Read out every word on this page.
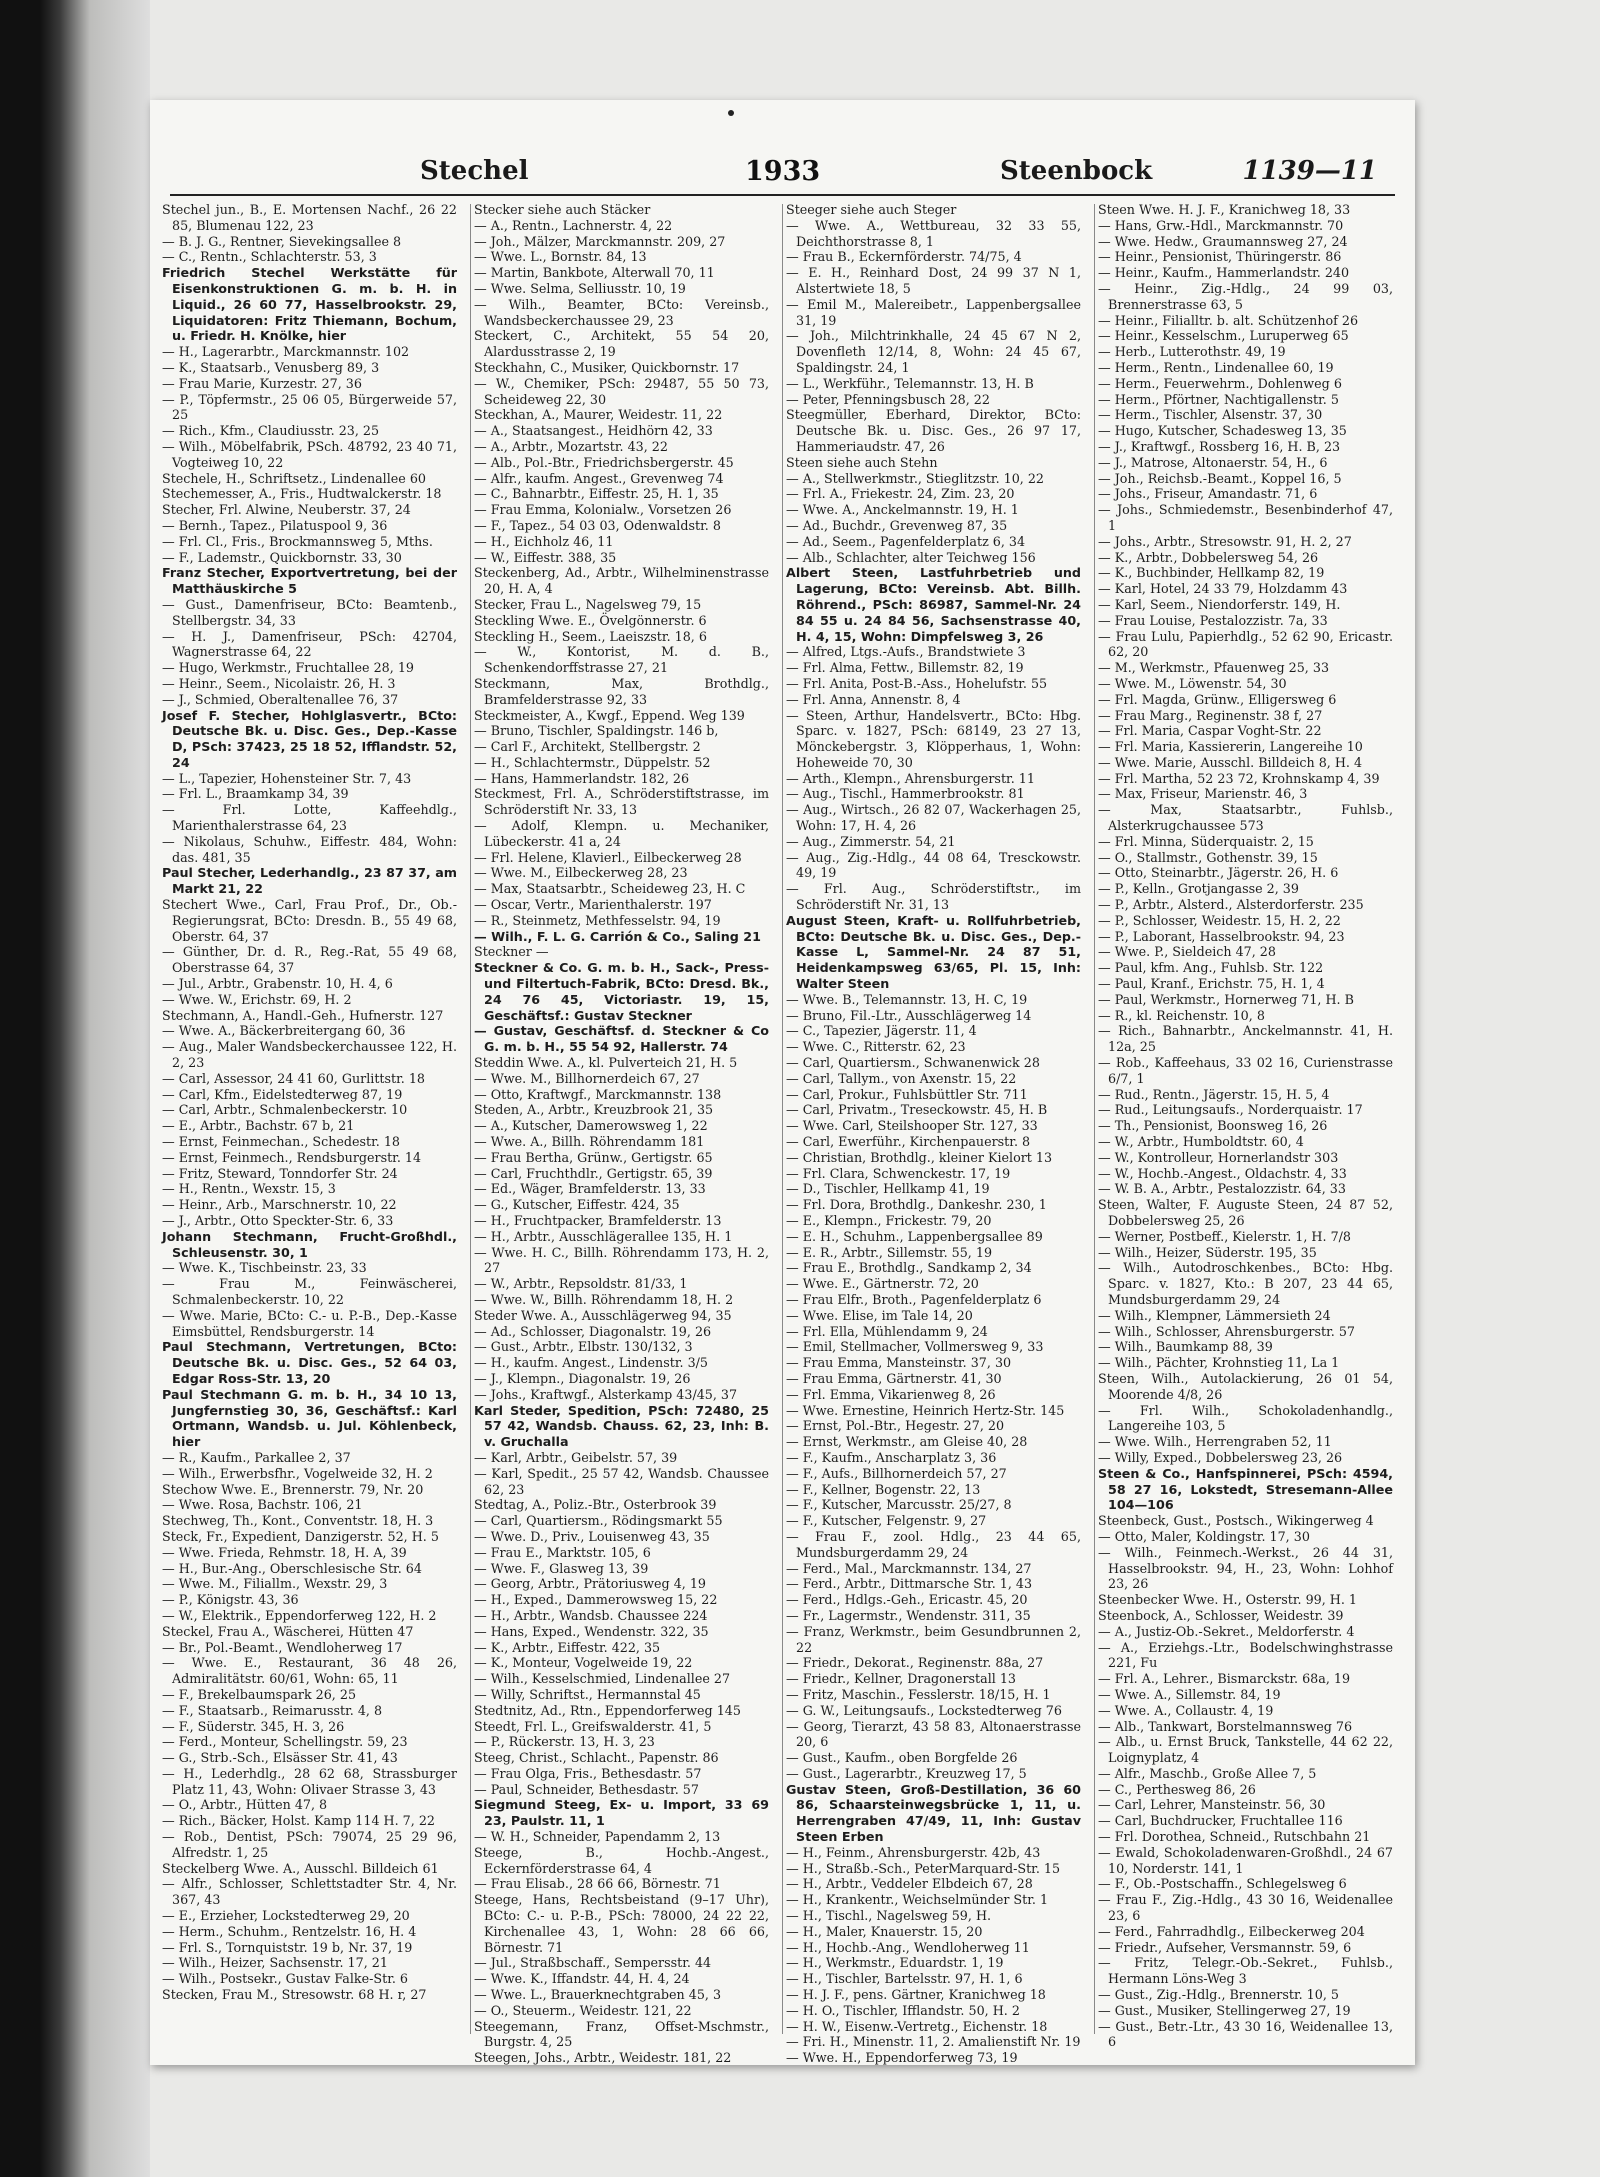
Stechel	1933	Steenbock	1139—11

Stechel jun., B., E. Mortensen Nachf., 26 22 85, Blumenau 122, 23

— B. J. G., Rentner, Sievekingsallee 8

— C., Rentn., Schlachterstr. 53, 3

Friedrich Stechel Werkstätte für Eisenkonstruktionen G. m. b. H. in Liquid., 26 60 77, Hasselbrookstr. 29, Liquidatoren: Fritz Thiemann, Bochum, u. Friedr. H. Knölke, hier

— H., Lagerarbtr., Marckmannstr. 102

— K., Staatsarb., Venusberg 89, 3

— Frau Marie, Kurzestr. 27, 36

— P., Töpfermstr., 25 06 05, Bürgerweide 57, 25

— Rich., Kfm., Claudiusstr. 23, 25

— Wilh., Möbelfabrik, PSch. 48792, 23 40 71, Vogteiweg 10, 22

Stechele, H., Schriftsetz., Lindenallee 60

Stechemesser, A., Fris., Hudtwalckerstr. 18

Stecher, Frl. Alwine, Neuberstr. 37, 24

— Bernh., Tapez., Pilatuspool 9, 36

— Frl. Cl., Fris., Brockmannsweg 5, Mths.

— F., Lademstr., Quickbornstr. 33, 30

Franz Stecher, Exportvertretung, bei der Matthäuskirche 5

— Gust., Damenfriseur, BCto: Beamtenb., Stellbergstr. 34, 33

— H. J., Damenfriseur, PSch: 42704, Wagnerstrasse 64, 22

— Hugo, Werkmstr., Fruchtallee 28, 19

— Heinr., Seem., Nicolaistr. 26, H. 3

— J., Schmied, Oberaltenallee 76, 37

Josef F. Stecher, Hohlglasvertr., BCto: Deutsche Bk. u. Disc. Ges., Dep.-Kasse D, PSch: 37423, 25 18 52, Ifflandstr. 52, 24

— L., Tapezier, Hohensteiner Str. 7, 43

— Frl. L., Braamkamp 34, 39

— Frl. Lotte, Kaffeehdlg., Marienthalerstrasse 64, 23

— Nikolaus, Schuhw., Eiffestr. 484, Wohn: das. 481, 35

Paul Stecher, Lederhandlg., 23 87 37, am Markt 21, 22

Stechert Wwe., Carl, Frau Prof., Dr., Ob.-Regierungsrat, BCto: Dresdn. B., 55 49 68, Oberstr. 64, 37

— Günther, Dr. d. R., Reg.-Rat, 55 49 68, Oberstrasse 64, 37

— Jul., Arbtr., Grabenstr. 10, H. 4, 6

— Wwe. W., Erichstr. 69, H. 2

Stechmann, A., Handl.-Geh., Hufnerstr. 127

— Wwe. A., Bäckerbreitergang 60, 36

— Aug., Maler Wandsbeckerchaussee 122, H. 2, 23

— Carl, Assessor, 24 41 60, Gurlittstr. 18

— Carl, Kfm., Eidelstedterweg 87, 19

— Carl, Arbtr., Schmalenbeckerstr. 10

— E., Arbtr., Bachstr. 67 b, 21

— Ernst, Feinmechan., Schedestr. 18

— Ernst, Feinmech., Rendsburgerstr. 14

— Fritz, Steward, Tonndorfer Str. 24

— H., Rentn., Wexstr. 15, 3

— Heinr., Arb., Marschnerstr. 10, 22

— J., Arbtr., Otto Speckter-Str. 6, 33

Johann Stechmann, Frucht-Großhdl., Schleusenstr. 30, 1

— Wwe. K., Tischbeinstr. 23, 33

— Frau M., Feinwäscherei, Schmalenbeckerstr. 10, 22

— Wwe. Marie, BCto: C.- u. P.-B., Dep.-Kasse Eimsbüttel, Rendsburgerstr. 14

Paul Stechmann, Vertretungen, BCto: Deutsche Bk. u. Disc. Ges., 52 64 03, Edgar Ross-Str. 13, 20

Paul Stechmann G. m. b. H., 34 10 13, Jungfernstieg 30, 36, Geschäftsf.: Karl Ortmann, Wandsb. u. Jul. Köhlenbeck, hier

— R., Kaufm., Parkallee 2, 37

— Wilh., Erwerbsfhr., Vogelweide 32, H. 2

Stechow Wwe. E., Brennerstr. 79, Nr. 20

— Wwe. Rosa, Bachstr. 106, 21

Stechweg, Th., Kont., Conventstr. 18, H. 3

Steck, Fr., Expedient, Danzigerstr. 52, H. 5

— Wwe. Frieda, Rehmstr. 18, H. A, 39

— H., Bur.-Ang., Oberschlesische Str. 64

— Wwe. M., Filiallm., Wexstr. 29, 3

— P., Königstr. 43, 36

— W., Elektrik., Eppendorferweg 122, H. 2

Steckel, Frau A., Wäscherei, Hütten 47

— Br., Pol.-Beamt., Wendloherweg 17

— Wwe. E., Restaurant, 36 48 26, Admiralitätstr. 60/61, Wohn: 65, 11

— F., Brekelbaumspark 26, 25

— F., Staatsarb., Reimarusstr. 4, 8

— F., Süderstr. 345, H. 3, 26

— Ferd., Monteur, Schellingstr. 59, 23

— G., Strb.-Sch., Elsässer Str. 41, 43

— H., Lederhdlg., 28 62 68, Strassburger Platz 11, 43, Wohn: Olivaer Strasse 3, 43

— O., Arbtr., Hütten 47, 8

— Rich., Bäcker, Holst. Kamp 114 H. 7, 22

— Rob., Dentist, PSch: 79074, 25 29 96, Alfredstr. 1, 25

Steckelberg Wwe. A., Ausschl. Billdeich 61

— Alfr., Schlosser, Schlettstadter Str. 4, Nr. 367, 43

— E., Erzieher, Lockstedterweg 29, 20

— Herm., Schuhm., Rentzelstr. 16, H. 4

— Frl. S., Tornquiststr. 19 b, Nr. 37, 19

— Wilh., Heizer, Sachsenstr. 17, 21

— Wilh., Postsekr., Gustav Falke-Str. 6

Stecken, Frau M., Stresowstr. 68 H. r, 27

Stecker siehe auch Stäcker

— A., Rentn., Lachnerstr. 4, 22

— Joh., Mälzer, Marckmannstr. 209, 27

— Wwe. L., Bornstr. 84, 13

— Martin, Bankbote, Alterwall 70, 11

— Wwe. Selma, Selliusstr. 10, 19

— Wilh., Beamter, BCto: Vereinsb., Wandsbeckerchaussee 29, 23

Steckert, C., Architekt, 55 54 20, Alardusstrasse 2, 19

Steckhahn, C., Musiker, Quickbornstr. 17

— W., Chemiker, PSch: 29487, 55 50 73, Scheideweg 22, 30

Steckhan, A., Maurer, Weidestr. 11, 22

— A., Staatsangest., Heidhörn 42, 33

— A., Arbtr., Mozartstr. 43, 22

— Alb., Pol.-Btr., Friedrichsbergerstr. 45

— Alfr., kaufm. Angest., Grevenweg 74

— C., Bahnarbtr., Eiffestr. 25, H. 1, 35

— Frau Emma, Kolonialw., Vorsetzen 26

— F., Tapez., 54 03 03, Odenwaldstr. 8

— H., Eichholz 46, 11

— W., Eiffestr. 388, 35

Steckenberg, Ad., Arbtr., Wilhelminenstrasse 20, H. A, 4

Stecker, Frau L., Nagelsweg 79, 15

Steckling Wwe. E., Övelgönnerstr. 6

Steckling H., Seem., Laeiszstr. 18, 6

— W., Kontorist, M. d. B., Schenkendorffstrasse 27, 21

Steckmann, Max, Brothdlg., Bramfelderstrasse 92, 33

Steckmeister, A., Kwgf., Eppend. Weg 139

— Bruno, Tischler, Spaldingstr. 146 b,

— Carl F., Architekt, Stellbergstr. 2

— H., Schlachtermstr., Düppelstr. 52

— Hans, Hammerlandstr. 182, 26

Steckmest, Frl. A., Schröderstiftstrasse, im Schröderstift Nr. 33, 13

— Adolf, Klempn. u. Mechaniker, Lübeckerstr. 41 a, 24

— Frl. Helene, Klavierl., Eilbeckerweg 28

— Wwe. M., Eilbeckerweg 28, 23

— Max, Staatsarbtr., Scheideweg 23, H. C

— Oscar, Vertr., Marienthalerstr. 197

— R., Steinmetz, Methfesselstr. 94, 19

— Wilh., F. L. G. Carrión & Co., Saling 21

Steckner —

Steckner & Co. G. m. b. H., Sack-, Press- und Filtertuch-Fabrik, BCto: Dresd. Bk., 24 76 45, Victoriastr. 19, 15, Geschäftsf.: Gustav Steckner

— Gustav, Geschäftsf. d. Steckner & Co G. m. b. H., 55 54 92, Hallerstr. 74

Steddin Wwe. A., kl. Pulverteich 21, H. 5

— Wwe. M., Billhornerdeich 67, 27

— Otto, Kraftwgf., Marckmannstr. 138

Steden, A., Arbtr., Kreuzbrook 21, 35

— A., Kutscher, Damerowsweg 1, 22

— Wwe. A., Billh. Röhrendamm 181

— Frau Bertha, Grünw., Gertigstr. 65

— Carl, Fruchthdlr., Gertigstr. 65, 39

— Ed., Wäger, Bramfelderstr. 13, 33

— G., Kutscher, Eiffestr. 424, 35

— H., Fruchtpacker, Bramfelderstr. 13

— H., Arbtr., Ausschlägerallee 135, H. 1

— Wwe. H. C., Billh. Röhrendamm 173, H. 2, 27

— W., Arbtr., Repsoldstr. 81/33, 1

— Wwe. W., Billh. Röhrendamm 18, H. 2

Steder Wwe. A., Ausschlägerweg 94, 35

— Ad., Schlosser, Diagonalstr. 19, 26

— Gust., Arbtr., Elbstr. 130/132, 3

— H., kaufm. Angest., Lindenstr. 3/5

— J., Klempn., Diagonalstr. 19, 26

— Johs., Kraftwgf., Alsterkamp 43/45, 37

Karl Steder, Spedition, PSch: 72480, 25 57 42, Wandsb. Chauss. 62, 23, Inh: B. v. Gruchalla

— Karl, Arbtr., Geibelstr. 57, 39

— Karl, Spedit., 25 57 42, Wandsb. Chaussee 62, 23

Stedtag, A., Poliz.-Btr., Osterbrook 39

— Carl, Quartiersm., Rödingsmarkt 55

— Wwe. D., Priv., Louisenweg 43, 35

— Frau E., Marktstr. 105, 6

— Wwe. F., Glasweg 13, 39

— Georg, Arbtr., Prätoriusweg 4, 19

— H., Exped., Dammerowsweg 15, 22

— H., Arbtr., Wandsb. Chaussee 224

— Hans, Exped., Wendenstr. 322, 35

— K., Arbtr., Eiffestr. 422, 35

— K., Monteur, Vogelweide 19, 22

— Wilh., Kesselschmied, Lindenallee 27

— Willy, Schriftst., Hermannstal 45

Stedtnitz, Ad., Rtn., Eppendorferweg 145

Steedt, Frl. L., Greifswalderstr. 41, 5

— P., Rückerstr. 13, H. 3, 23

Steeg, Christ., Schlacht., Papenstr. 86

— Frau Olga, Fris., Bethesdastr. 57

— Paul, Schneider, Bethesdastr. 57

Siegmund Steeg, Ex- u. Import, 33 69 23, Paulstr. 11, 1

— W. H., Schneider, Papendamm 2, 13

Steege, B., Hochb.-Angest., Eckernförderstrasse 64, 4

— Frau Elisab., 28 66 66, Börnestr. 71

Steege, Hans, Rechtsbeistand (9–17 Uhr), BCto: C.- u. P.-B., PSch: 78000, 24 22 22, Kirchenallee 43, 1, Wohn: 28 66 66, Börnestr. 71

— Jul., Straßbschaff., Sempersstr. 44

— Wwe. K., Iffandstr. 44, H. 4, 24

— Wwe. L., Brauerknechtgraben 45, 3

— O., Steuerm., Weidestr. 121, 22

Steegemann, Franz, Offset-Mschmstr., Burgstr. 4, 25

Steegen, Johs., Arbtr., Weidestr. 181, 22

Steeger siehe auch Steger

— Wwe. A., Wettbureau, 32 33 55, Deichthorstrasse 8, 1

— Frau B., Eckernförderstr. 74/75, 4

— E. H., Reinhard Dost, 24 99 37 N 1, Alstertwiete 18, 5

— Emil M., Malereibetr., Lappenbergsallee 31, 19

— Joh., Milchtrinkhalle, 24 45 67 N 2, Dovenfleth 12/14, 8, Wohn: 24 45 67, Spaldingstr. 24, 1

— L., Werkführ., Telemannstr. 13, H. B

— Peter, Pfenningsbusch 28, 22

Steegmüller, Eberhard, Direktor, BCto: Deutsche Bk. u. Disc. Ges., 26 97 17, Hammeriaudstr. 47, 26

Steen siehe auch Stehn

— A., Stellwerkmstr., Stieglitzstr. 10, 22

— Frl. A., Friekestr. 24, Zim. 23, 20

— Wwe. A., Anckelmannstr. 19, H. 1

— Ad., Buchdr., Grevenweg 87, 35

— Ad., Seem., Pagenfelderplatz 6, 34

— Alb., Schlachter, alter Teichweg 156

Albert Steen, Lastfuhrbetrieb und Lagerung, BCto: Vereinsb. Abt. Billh. Röhrend., PSch: 86987, Sammel-Nr. 24 84 55 u. 24 84 56, Sachsenstrasse 40, H. 4, 15, Wohn: Dimpfelsweg 3, 26

— Alfred, Ltgs.-Aufs., Brandstwiete 3

— Frl. Alma, Fettw., Billemstr. 82, 19

— Frl. Anita, Post-B.-Ass., Hohelufstr. 55

— Frl. Anna, Annenstr. 8, 4

— Steen, Arthur, Handelsvertr., BCto: Hbg. Sparc. v. 1827, PSch: 68149, 23 27 13, Mönckebergstr. 3, Klöpperhaus, 1, Wohn: Hoheweide 70, 30

— Arth., Klempn., Ahrensburgerstr. 11

— Aug., Tischl., Hammerbrookstr. 81

— Aug., Wirtsch., 26 82 07, Wackerhagen 25, Wohn: 17, H. 4, 26

— Aug., Zimmerstr. 54, 21

— Aug., Zig.-Hdlg., 44 08 64, Tresckowstr. 49, 19

— Frl. Aug., Schröderstiftstr., im Schröderstift Nr. 31, 13

August Steen, Kraft- u. Rollfuhrbetrieb, BCto: Deutsche Bk. u. Disc. Ges., Dep.-Kasse L, Sammel-Nr. 24 87 51, Heidenkampsweg 63/65, Pl. 15, Inh: Walter Steen

— Wwe. B., Telemannstr. 13, H. C, 19

— Bruno, Fil.-Ltr., Ausschlägerweg 14

— C., Tapezier, Jägerstr. 11, 4

— Wwe. C., Ritterstr. 62, 23

— Carl, Quartiersm., Schwanenwick 28

— Carl, Tallym., von Axenstr. 15, 22

— Carl, Prokur., Fuhlsbüttler Str. 711

— Carl, Privatm., Treseckowstr. 45, H. B

— Wwe. Carl, Steilshooper Str. 127, 33

— Carl, Ewerführ., Kirchenpauerstr. 8

— Christian, Brothdlg., kleiner Kielort 13

— Frl. Clara, Schwenckestr. 17, 19

— D., Tischler, Hellkamp 41, 19

— Frl. Dora, Brothdlg., Dankeshr. 230, 1

— E., Klempn., Frickestr. 79, 20

— E. H., Schuhm., Lappenbergsallee 89

— E. R., Arbtr., Sillemstr. 55, 19

— Frau E., Brothdlg., Sandkamp 2, 34

— Wwe. E., Gärtnerstr. 72, 20

— Frau Elfr., Broth., Pagenfelderplatz 6

— Wwe. Elise, im Tale 14, 20

— Frl. Ella, Mühlendamm 9, 24

— Emil, Stellmacher, Vollmersweg 9, 33

— Frau Emma, Mansteinstr. 37, 30

— Frau Emma, Gärtnerstr. 41, 30

— Frl. Emma, Vikarienweg 8, 26

— Wwe. Ernestine, Heinrich Hertz-Str. 145

— Ernst, Pol.-Btr., Hegestr. 27, 20

— Ernst, Werkmstr., am Gleise 40, 28

— F., Kaufm., Anscharplatz 3, 36

— F., Aufs., Billhornerdeich 57, 27

— F., Kellner, Bogenstr. 22, 13

— F., Kutscher, Marcusstr. 25/27, 8

— F., Kutscher, Felgenstr. 9, 27

— Frau F., zool. Hdlg., 23 44 65, Mundsburgerdamm 29, 24

— Ferd., Mal., Marckmannstr. 134, 27

— Ferd., Arbtr., Dittmarsche Str. 1, 43

— Ferd., Hdlgs.-Geh., Ericastr. 45, 20

— Fr., Lagermstr., Wendenstr. 311, 35

— Franz, Werkmstr., beim Gesundbrunnen 2, 22

— Friedr., Dekorat., Reginenstr. 88a, 27

— Friedr., Kellner, Dragonerstall 13

— Fritz, Maschin., Fesslerstr. 18/15, H. 1

— G. W., Leitungsaufs., Lockstedterweg 76

— Georg, Tierarzt, 43 58 83, Altonaerstrasse 20, 6

— Gust., Kaufm., oben Borgfelde 26

— Gust., Lagerarbtr., Kreuzweg 17, 5

Gustav Steen, Groß-Destillation, 36 60 86, Schaarsteinwegsbrücke 1, 11, u. Herrengraben 47/49, 11, Inh: Gustav Steen Erben

— H., Feinm., Ahrensburgerstr. 42b, 43

— H., Straßb.-Sch., PeterMarquard-Str. 15

— H., Arbtr., Veddeler Elbdeich 67, 28

— H., Krankentr., Weichselmünder Str. 1

— H., Tischl., Nagelsweg 59, H.

— H., Maler, Knauerstr. 15, 20

— H., Hochb.-Ang., Wendloherweg 11

— H., Werkmstr., Eduardstr. 1, 19

— H., Tischler, Bartelsstr. 97, H. 1, 6

— H. J. F., pens. Gärtner, Kranichweg 18

— H. O., Tischler, Ifflandstr. 50, H. 2

— H. W., Eisenw.-Vertretg., Eichenstr. 18

— Fri. H., Minenstr. 11, 2. Amalienstift Nr. 19

— Wwe. H., Eppendorferweg 73, 19

Steen Wwe. H. J. F., Kranichweg 18, 33

— Hans, Grw.-Hdl., Marckmannstr. 70

— Wwe. Hedw., Graumannsweg 27, 24

— Heinr., Pensionist, Thüringerstr. 86

— Heinr., Kaufm., Hammerlandstr. 240

— Heinr., Zig.-Hdlg., 24 99 03, Brennerstrasse 63, 5

— Heinr., Filialltr. b. alt. Schützenhof 26

— Heinr., Kesselschm., Luruperweg 65

— Herb., Lutterothstr. 49, 19

— Herm., Rentn., Lindenallee 60, 19

— Herm., Feuerwehrm., Dohlenweg 6

— Herm., Pförtner, Nachtigallenstr. 5

— Herm., Tischler, Alsenstr. 37, 30

— Hugo, Kutscher, Schadesweg 13, 35

— J., Kraftwgf., Rossberg 16, H. B, 23

— J., Matrose, Altonaerstr. 54, H., 6

— Joh., Reichsb.-Beamt., Koppel 16, 5

— Johs., Friseur, Amandastr. 71, 6

— Johs., Schmiedemstr., Besenbinderhof 47, 1

— Johs., Arbtr., Stresowstr. 91, H. 2, 27

— K., Arbtr., Dobbelersweg 54, 26

— K., Buchbinder, Hellkamp 82, 19

— Karl, Hotel, 24 33 79, Holzdamm 43

— Karl, Seem., Niendorferstr. 149, H.

— Frau Louise, Pestalozzistr. 7a, 33

— Frau Lulu, Papierhdlg., 52 62 90, Ericastr. 62, 20

— M., Werkmstr., Pfauenweg 25, 33

— Wwe. M., Löwenstr. 54, 30

— Frl. Magda, Grünw., Elligersweg 6

— Frau Marg., Reginenstr. 38 f, 27

— Frl. Maria, Caspar Voght-Str. 22

— Frl. Maria, Kassiererin, Langereihe 10

— Wwe. Marie, Ausschl. Billdeich 8, H. 4

— Frl. Martha, 52 23 72, Krohnskamp 4, 39

— Max, Friseur, Marienstr. 46, 3

— Max, Staatsarbtr., Fuhlsb., Alsterkrugchaussee 573

— Frl. Minna, Süderquaistr. 2, 15

— O., Stallmstr., Gothenstr. 39, 15

— Otto, Steinarbtr., Jägerstr. 26, H. 6

— P., Kelln., Grotjangasse 2, 39

— P., Arbtr., Alsterd., Alsterdorferstr. 235

— P., Schlosser, Weidestr. 15, H. 2, 22

— P., Laborant, Hasselbrookstr. 94, 23

— Wwe. P., Sieldeich 47, 28

— Paul, kfm. Ang., Fuhlsb. Str. 122

— Paul, Kranf., Erichstr. 75, H. 1, 4

— Paul, Werkmstr., Hornerweg 71, H. B

— R., kl. Reichenstr. 10, 8

— Rich., Bahnarbtr., Anckelmannstr. 41, H. 12a, 25

— Rob., Kaffeehaus, 33 02 16, Curienstrasse 6/7, 1

— Rud., Rentn., Jägerstr. 15, H. 5, 4

— Rud., Leitungsaufs., Norderquaistr. 17

— Th., Pensionist, Boonsweg 16, 26

— W., Arbtr., Humboldtstr. 60, 4

— W., Kontrolleur, Hornerlandstr 303

— W., Hochb.-Angest., Oldachstr. 4, 33

— W. B. A., Arbtr., Pestalozzistr. 64, 33

Steen, Walter, F. Auguste Steen, 24 87 52, Dobbelersweg 25, 26

— Werner, Postbeff., Kielerstr. 1, H. 7/8

— Wilh., Heizer, Süderstr. 195, 35

— Wilh., Autodroschkenbes., BCto: Hbg. Sparc. v. 1827, Kto.: B 207, 23 44 65, Mundsburgerdamm 29, 24

— Wilh., Klempner, Lämmersieth 24

— Wilh., Schlosser, Ahrensburgerstr. 57

— Wilh., Baumkamp 88, 39

— Wilh., Pächter, Krohnstieg 11, La 1

Steen, Wilh., Autolackierung, 26 01 54, Moorende 4/8, 26

— Frl. Wilh., Schokoladenhandlg., Langereihe 103, 5

— Wwe. Wilh., Herrengraben 52, 11

— Willy, Exped., Dobbelersweg 23, 26

Steen & Co., Hanfspinnerei, PSch: 4594, 58 27 16, Lokstedt, Stresemann-Allee 104—106

Steenbeck, Gust., Postsch., Wikingerweg 4

— Otto, Maler, Koldingstr. 17, 30

— Wilh., Feinmech.-Werkst., 26 44 31, Hasselbrookstr. 94, H., 23, Wohn: Lohhof 23, 26

Steenbecker Wwe. H., Osterstr. 99, H. 1

Steenbock, A., Schlosser, Weidestr. 39

— A., Justiz-Ob.-Sekret., Meldorferstr. 4

— A., Erziehgs.-Ltr., Bodelschwinghstrasse 221, Fu

— Frl. A., Lehrer., Bismarckstr. 68a, 19

— Wwe. A., Sillemstr. 84, 19

— Wwe. A., Collaustr. 4, 19

— Alb., Tankwart, Borstelmannsweg 76

— Alb., u. Ernst Bruck, Tankstelle, 44 62 22, Loignyplatz, 4

— Alfr., Maschb., Große Allee 7, 5

— C., Perthesweg 86, 26

— Carl, Lehrer, Mansteinstr. 56, 30

— Carl, Buchdrucker, Fruchtallee 116

— Frl. Dorothea, Schneid., Rutschbahn 21

— Ewald, Schokoladenwaren-Großhdl., 24 67 10, Norderstr. 141, 1

— F., Ob.-Postschaffn., Schlegelsweg 6

— Frau F., Zig.-Hdlg., 43 30 16, Weidenallee 23, 6

— Ferd., Fahrradhdlg., Eilbeckerweg 204

— Friedr., Aufseher, Versmannstr. 59, 6

— Fritz, Telegr.-Ob.-Sekret., Fuhlsb., Hermann Löns-Weg 3

— Gust., Zig.-Hdlg., Brennerstr. 10, 5

— Gust., Musiker, Stellingerweg 27, 19

— Gust., Betr.-Ltr., 43 30 16, Weidenallee 13, 6
